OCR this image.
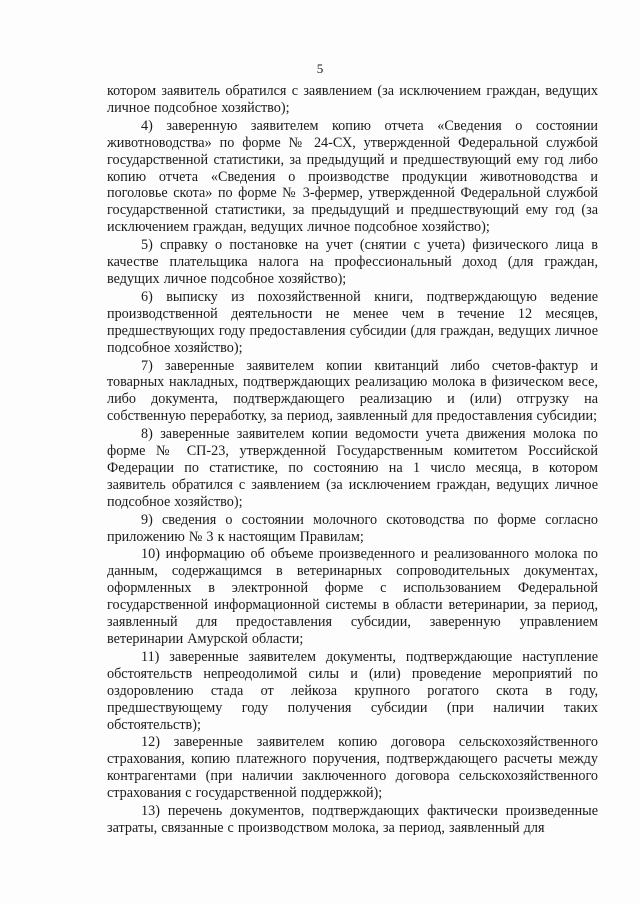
5

котором заявитель обратился с заявлением (за исключением граждан, ведущих личное подсобное хозяйство);

4) заверенную заявителем копию отчета «Сведения о состоянии животноводства» по форме № 24-СХ, утвержденной Федеральной службой государственной статистики, за предыдущий и предшествующий ему год либо копию отчета «Сведения о производстве продукции животноводства и поголовье скота» по форме № 3-фермер, утвержденной Федеральной службой государственной статистики, за предыдущий и предшествующий ему год (за исключением граждан, ведущих личное подсобное хозяйство);

5) справку о постановке на учет (снятии с учета) физического лица в качестве плательщика налога на профессиональный доход (для граждан, ведущих личное подсобное хозяйство);

6) выписку из похозяйственной книги, подтверждающую ведение производственной деятельности не менее чем в течение 12 месяцев, предшествующих году предоставления субсидии (для граждан, ведущих личное подсобное хозяйство);

7) заверенные заявителем копии квитанций либо счетов-фактур и товарных накладных, подтверждающих реализацию молока в физическом весе, либо документа, подтверждающего реализацию и (или) отгрузку на собственную переработку, за период, заявленный для предоставления субсидии;

8) заверенные заявителем копии ведомости учета движения молока по форме № СП-23, утвержденной Государственным комитетом Российской Федерации по статистике, по состоянию на 1 число месяца, в котором заявитель обратился с заявлением (за исключением граждан, ведущих личное подсобное хозяйство);

9) сведения о состоянии молочного скотоводства по форме согласно приложению № 3 к настоящим Правилам;

10) информацию об объеме произведенного и реализованного молока по данным, содержащимся в ветеринарных сопроводительных документах, оформленных в электронной форме с использованием Федеральной государственной информационной системы в области ветеринарии, за период, заявленный для предоставления субсидии, заверенную управлением ветеринарии Амурской области;

11) заверенные заявителем документы, подтверждающие наступление обстоятельств непреодолимой силы и (или) проведение мероприятий по оздоровлению стада от лейкоза крупного рогатого скота в году, предшествующему году получения субсидии (при наличии таких обстоятельств);

12) заверенные заявителем копию договора сельскохозяйственного страхования, копию платежного поручения, подтверждающего расчеты между контрагентами (при наличии заключенного договора сельскохозяйственного страхования с государственной поддержкой);

13) перечень документов, подтверждающих фактически произведенные затраты, связанные с производством молока, за период, заявленный для
